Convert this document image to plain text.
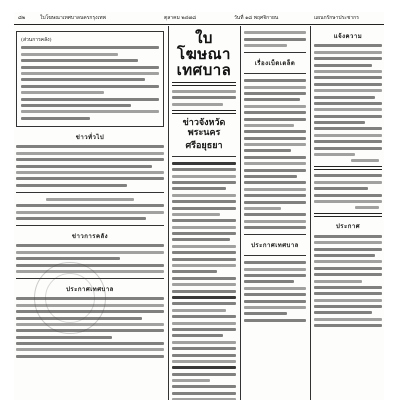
๘๒	ใบโฆษณาเทศบาลนครกรุงเทพ	ตุลาคม ๒๔๗๘	วันที่ ๑๘ พฤศจิกายน	แผนกรักษาประชากร
(ส่วนการคลัง)
ข่าวทั่วไป
ข่าวการคลัง
ประกาศเทศบาล
ใบโฆษณาเทศบาล
ข่าวจังหวัดพระนคร
ศรีอยุธยา
เรื่องเบ็ดเตล็ด
ประกาศเทศบาล
แจ้งความ
ประกาศ
